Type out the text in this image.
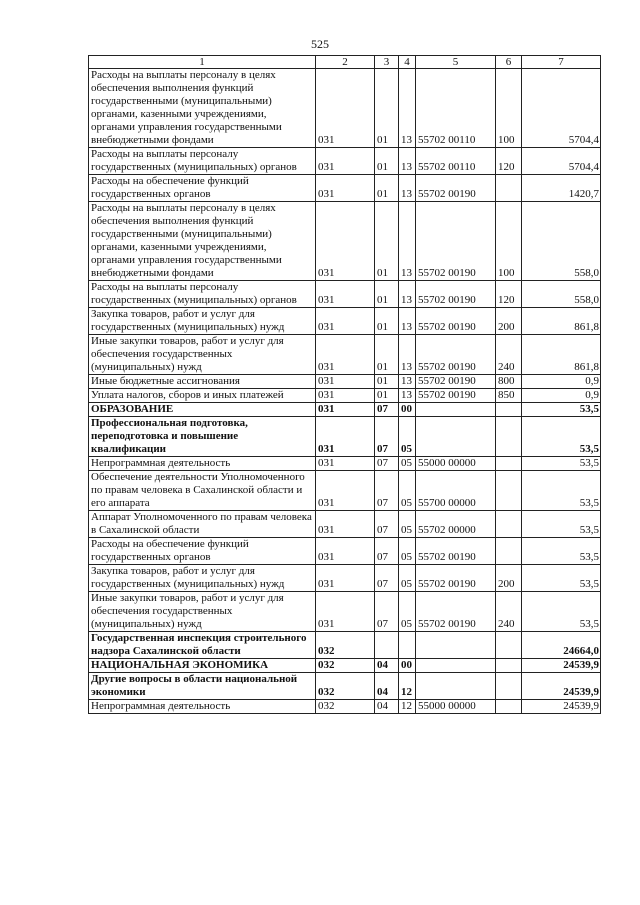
525
1	2	3	4	5	6	7
Расходы на выплаты персоналу в целях обеспечения выполнения функций государственными (муниципальными) органами, казенными учреждениями, органами управления государственными внебюджетными фондами	031	01	13	55702 00110	100	5704,4
Расходы на выплаты персоналу государственных (муниципальных) органов	031	01	13	55702 00110	120	5704,4
Расходы на обеспечение функций государственных органов	031	01	13	55702 00190		1420,7
Расходы на выплаты персоналу в целях обеспечения выполнения функций государственными (муниципальными) органами, казенными учреждениями, органами управления государственными внебюджетными фондами	031	01	13	55702 00190	100	558,0
Расходы на выплаты персоналу государственных (муниципальных) органов	031	01	13	55702 00190	120	558,0
Закупка товаров, работ и услуг для государственных (муниципальных) нужд	031	01	13	55702 00190	200	861,8
Иные закупки товаров, работ и услуг для обеспечения государственных (муниципальных) нужд	031	01	13	55702 00190	240	861,8
Иные бюджетные ассигнования	031	01	13	55702 00190	800	0,9
Уплата налогов, сборов и иных платежей	031	01	13	55702 00190	850	0,9
ОБРАЗОВАНИЕ	031	07	00			53,5
Профессиональная подготовка, переподготовка и повышение квалификации	031	07	05			53,5
Непрограммная деятельность	031	07	05	55000 00000		53,5
Обеспечение деятельности Уполномоченного по правам человека в Сахалинской области и его аппарата	031	07	05	55700 00000		53,5
Аппарат Уполномоченного по правам человека в Сахалинской области	031	07	05	55702 00000		53,5
Расходы на обеспечение функций государственных органов	031	07	05	55702 00190		53,5
Закупка товаров, работ и услуг для государственных (муниципальных) нужд	031	07	05	55702 00190	200	53,5
Иные закупки товаров, работ и услуг для обеспечения государственных (муниципальных) нужд	031	07	05	55702 00190	240	53,5
Государственная инспекция строительного надзора Сахалинской области	032					24664,0
НАЦИОНАЛЬНАЯ ЭКОНОМИКА	032	04	00			24539,9
Другие вопросы в области национальной экономики	032	04	12			24539,9
Непрограммная деятельность	032	04	12	55000 00000		24539,9
